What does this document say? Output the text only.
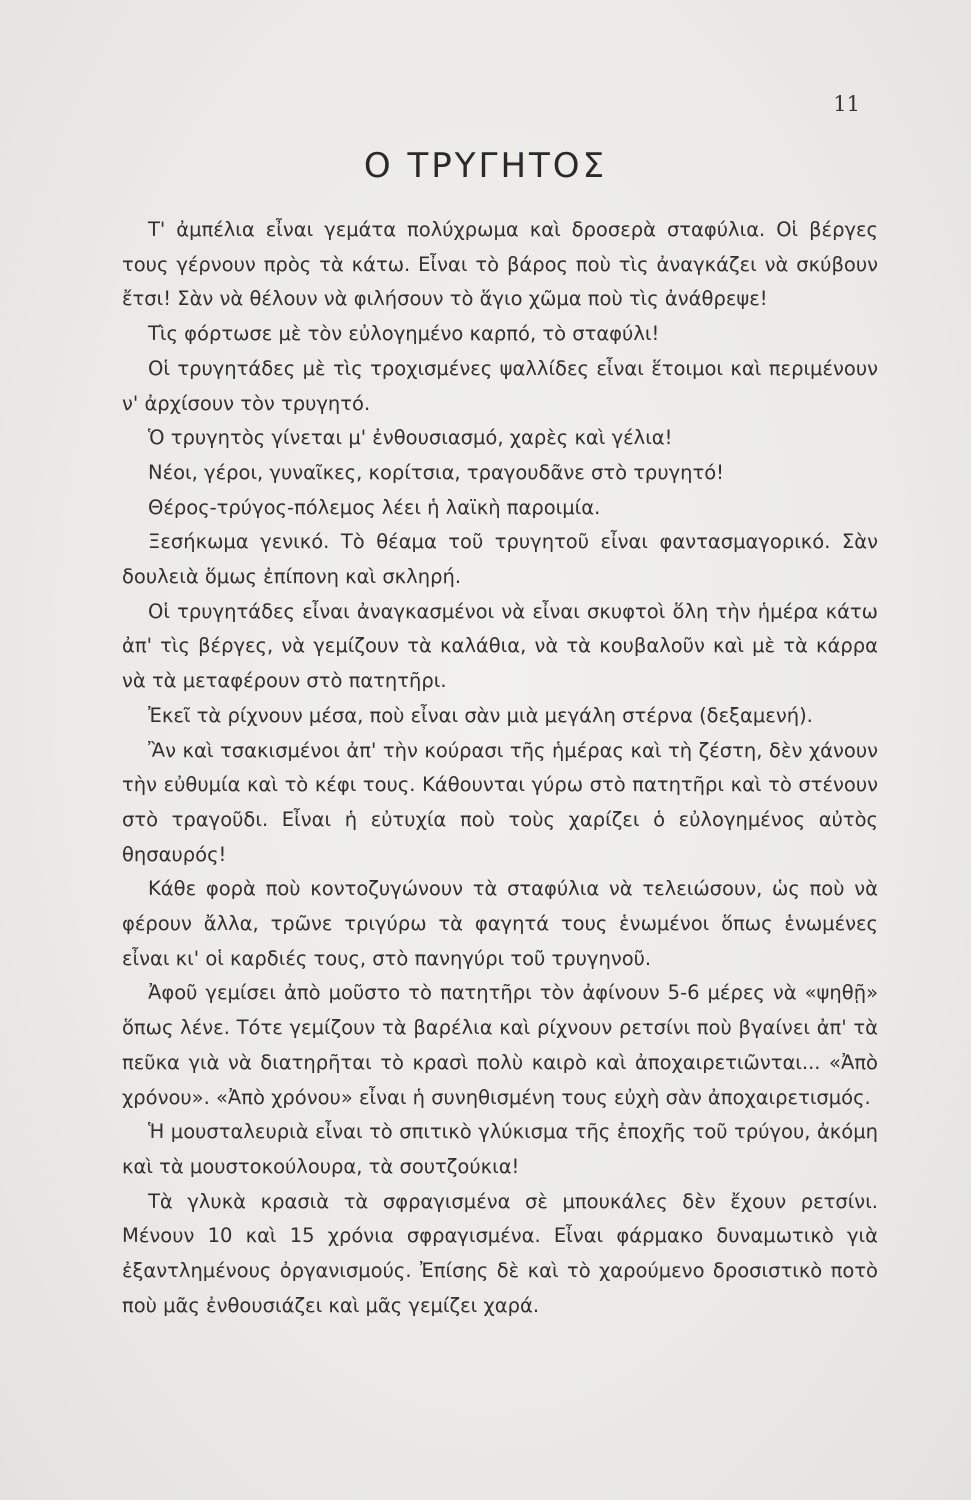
11
Ο ΤΡΥΓΗΤΟΣ

Τ' ἀμπέλια εἶναι γεμάτα πολύχρωμα καὶ δροσερὰ σταφύλια. Οἱ βέργες τους γέρνουν πρὸς τὰ κάτω. Εἶναι τὸ βάρος ποὺ τὶς ἀναγκάζει νὰ σκύβουν ἔτσι! Σὰν νὰ θέλουν νὰ φιλήσουν τὸ ἅγιο χῶμα ποὺ τὶς ἀνάθρεψε!

Τὶς φόρτωσε μὲ τὸν εὐλογημένο καρπό, τὸ σταφύλι!

Οἱ τρυγητάδες μὲ τὶς τροχισμένες ψαλλίδες εἶναι ἕτοιμοι καὶ περιμένουν ν' ἀρχίσουν τὸν τρυγητό.

Ὁ τρυγητὸς γίνεται μ' ἐνθουσιασμό, χαρὲς καὶ γέλια!

Νέοι, γέροι, γυναῖκες, κορίτσια, τραγουδᾶνε στὸ τρυγητό!

Θέρος-τρύγος-πόλεμος λέει ἡ λαϊκὴ παροιμία.

Ξεσήκωμα γενικό. Τὸ θέαμα τοῦ τρυγητοῦ εἶναι φαντασμαγορικό. Σὰν δουλειὰ ὅμως ἐπίπονη καὶ σκληρή.

Οἱ τρυγητάδες εἶναι ἀναγκασμένοι νὰ εἶναι σκυφτοὶ ὅλη τὴν ἡμέρα κάτω ἀπ' τὶς βέργες, νὰ γεμίζουν τὰ καλάθια, νὰ τὰ κουβαλοῦν καὶ μὲ τὰ κάρρα νὰ τὰ μεταφέρουν στὸ πατητῆρι.

Ἐκεῖ τὰ ρίχνουν μέσα, ποὺ εἶναι σὰν μιὰ μεγάλη στέρνα (δεξαμενή).

Ἂν καὶ τσακισμένοι ἀπ' τὴν κούρασι τῆς ἡμέρας καὶ τὴ ζέστη, δὲν χάνουν τὴν εὐθυμία καὶ τὸ κέφι τους. Κάθουνται γύρω στὸ πατητῆρι καὶ τὸ στένουν στὸ τραγοῦδι. Εἶναι ἡ εὐτυχία ποὺ τοὺς χαρίζει ὁ εὐλογημένος αὐτὸς θησαυρός!

Κάθε φορὰ ποὺ κοντοζυγώνουν τὰ σταφύλια νὰ τελειώσουν, ὡς ποὺ νὰ φέρουν ἄλλα, τρῶνε τριγύρω τὰ φαγητά τους ἑνωμένοι ὅπως ἑνωμένες εἶναι κι' οἱ καρδιές τους, στὸ πανηγύρι τοῦ τρυγηνοῦ.

Ἀφοῦ γεμίσει ἀπὸ μοῦστο τὸ πατητῆρι τὸν ἀφίνουν 5-6 μέρες νὰ «ψηθῇ» ὅπως λένε. Τότε γεμίζουν τὰ βαρέλια καὶ ρίχνουν ρετσίνι ποὺ βγαίνει ἀπ' τὰ πεῦκα γιὰ νὰ διατηρῆται τὸ κρασὶ πολὺ καιρὸ καὶ ἀποχαιρετιῶνται... «Ἀπὸ χρόνου». «Ἀπὸ χρόνου» εἶναι ἡ συνηθισμένη τους εὐχὴ σὰν ἀποχαιρετισμός.

Ἡ μουσταλευριὰ εἶναι τὸ σπιτικὸ γλύκισμα τῆς ἐποχῆς τοῦ τρύγου, ἀκόμη καὶ τὰ μουστοκούλουρα, τὰ σουτζούκια!

Τὰ γλυκὰ κρασιὰ τὰ σφραγισμένα σὲ μπουκάλες δὲν ἔχουν ρετσίνι. Μένουν 10 καὶ 15 χρόνια σφραγισμένα. Εἶναι φάρμακο δυναμωτικὸ γιὰ ἐξαντλημένους ὀργανισμούς. Ἐπίσης δὲ καὶ τὸ χαρούμενο δροσιστικὸ ποτὸ ποὺ μᾶς ἐνθουσιάζει καὶ μᾶς γεμίζει χαρά.
